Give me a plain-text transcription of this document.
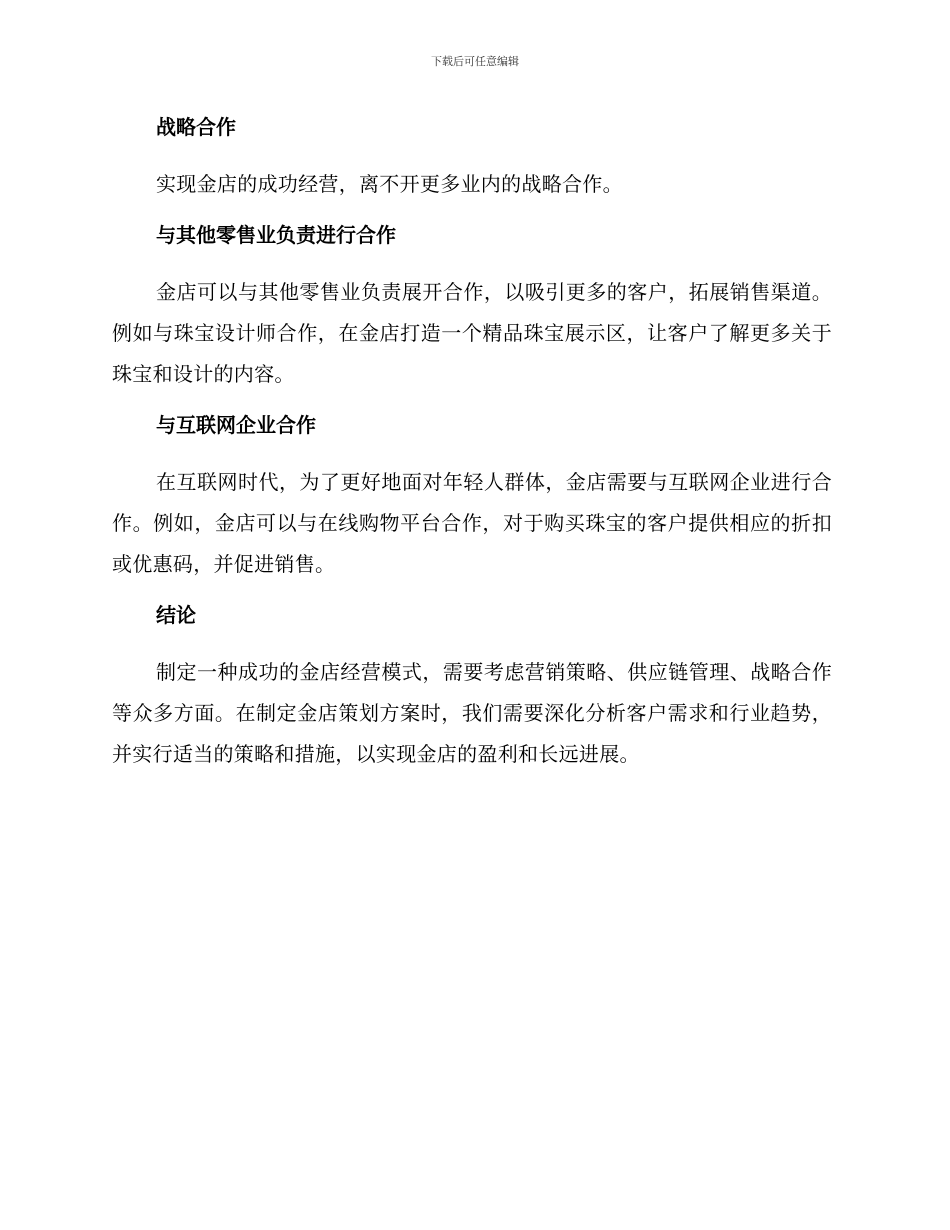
下载后可任意编辑
战略合作
实现金店的成功经营，离不开更多业内的战略合作。
与其他零售业负责进行合作
金店可以与其他零售业负责展开合作，以吸引更多的客户，拓展销售渠道。例如与珠宝设计师合作，在金店打造一个精品珠宝展示区，让客户了解更多关于珠宝和设计的内容。
与互联网企业合作
在互联网时代，为了更好地面对年轻人群体，金店需要与互联网企业进行合作。例如，金店可以与在线购物平台合作，对于购买珠宝的客户提供相应的折扣或优惠码，并促进销售。
结论
制定一种成功的金店经营模式，需要考虑营销策略、供应链管理、战略合作等众多方面。在制定金店策划方案时，我们需要深化分析客户需求和行业趋势，并实行适当的策略和措施，以实现金店的盈利和长远进展。
